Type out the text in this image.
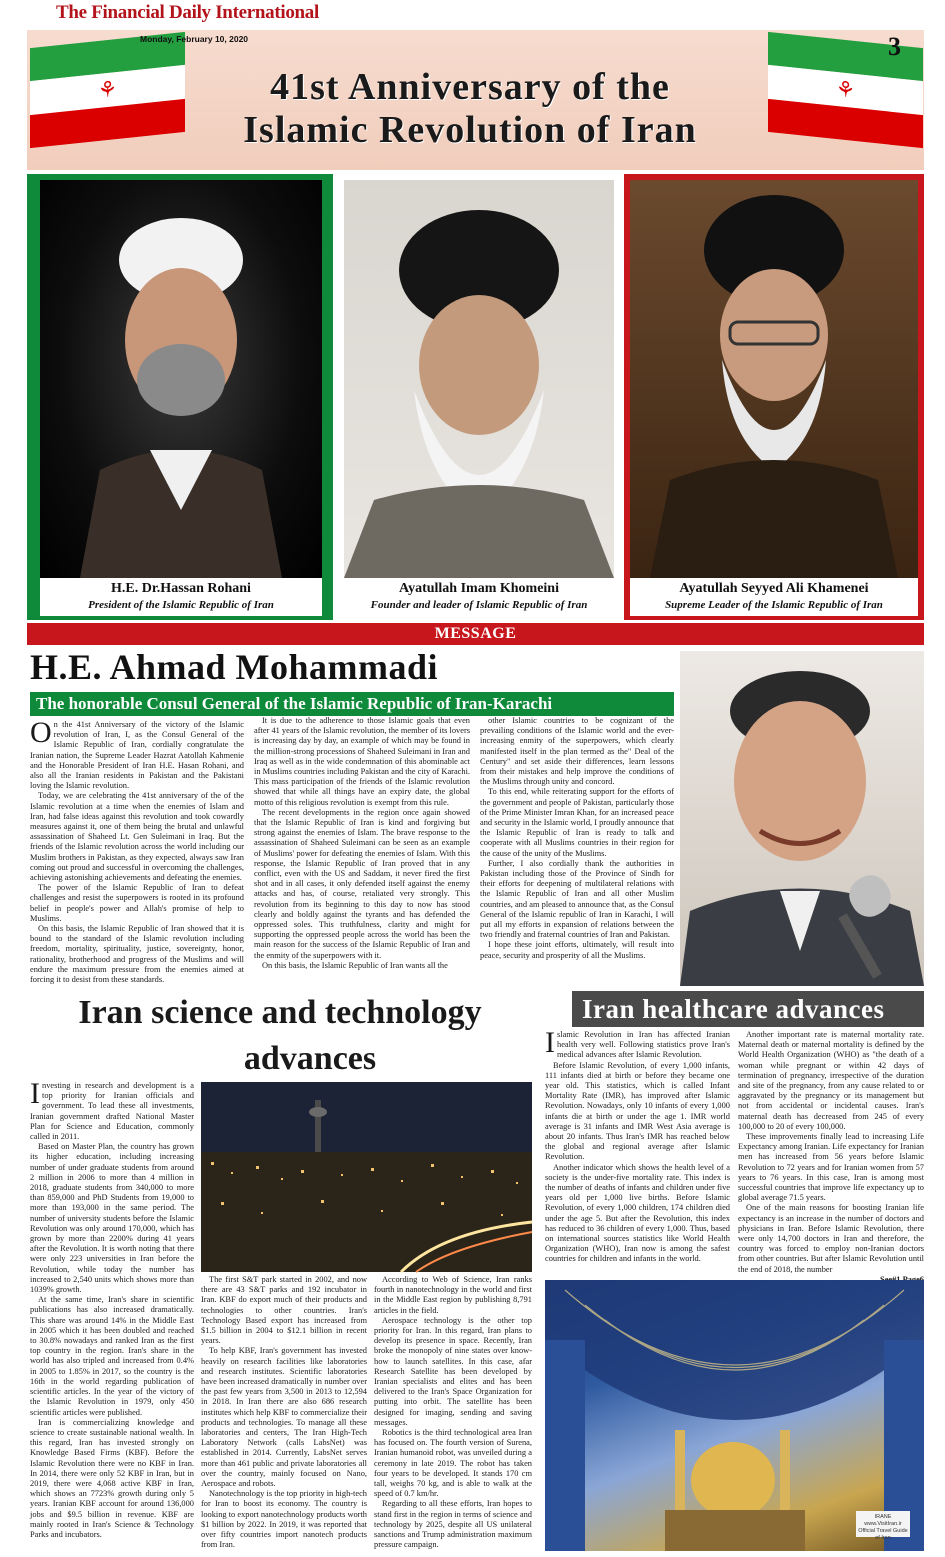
The Financial Daily International
⚘	⚘
Monday, February 10, 2020	3
41st Anniversary of the
Islamic Revolution of Iran
H.E. Dr.Hassan Rohani
President of the Islamic Republic of Iran
Ayatullah Imam Khomeini
Founder and leader of Islamic Republic of Iran
Ayatullah Seyyed Ali Khamenei
Supreme Leader of the Islamic Republic of Iran
MESSAGE
H.E. Ahmad Mohammadi
The honorable Consul General of the Islamic Republic of Iran-Karachi

On the 41st Anniversary of the victory of the Islamic revolution of Iran, I, as the Consul General of the Islamic Republic of Iran, cordially congratulate the Iranian nation, the Supreme Leader Hazrat Aatollah Kahmenie and the Honorable President of Iran H.E. Hasan Rohani, and also all the Iranian residents in Pakistan and the Pakistani loving the Islamic revolution.

Today, we are celebrating the 41st anniversary of the of the Islamic revolution at a time when the enemies of Islam and Iran, had false ideas against this revolution and took cowardly measures against it, one of them being the brutal and unlawful assassination of Shaheed Lt. Gen Suleimani in Iraq. But the friends of the Islamic revolution across the world including our Muslim brothers in Pakistan, as they expected, always saw Iran coming out proud and successful in overcoming the challenges, achieving astonishing achievements and defeating the enemies.

The power of the Islamic Republic of Iran to defeat challenges and resist the superpowers is rooted in its profound belief in people's power and Allah's promise of help to Muslims.

On this basis, the Islamic Republic of Iran showed that it is bound to the standard of the Islamic revolution including freedom, mortality, spirituality, justice, sovereignty, honor, rationality, brotherhood and progress of the Muslims and will endure the maximum pressure from the enemies aimed at forcing it to desist from these standards.

It is due to the adherence to those Islamic goals that even after 41 years of the Islamic revolution, the member of its lovers is increasing day by day, an example of which may be found in the million-strong processions of Shaheed Suleimani in Iran and Iraq as well as in the wide condemnation of this abominable act in Muslims countries including Pakistan and the city of Karachi. This mass participation of the friends of the Islamic revolution showed that while all things have an expiry date, the global motto of this religious revolution is exempt from this rule.

The recent developments in the region once again showed that the Islamic Republic of Iran is kind and forgiving but strong against the enemies of Islam. The brave response to the assassination of Shaheed Suleimani can be seen as an example of Muslims' power for defeating the enemies of Islam. With this response, the Islamic Republic of Iran proved that in any conflict, even with the US and Saddam, it never fired the first shot and in all cases, it only defended itself against the enemy attacks and has, of course, retaliated very strongly. This revolution from its beginning to this day to now has stood clearly and boldly against the tyrants and has defended the oppressed soles. This truthfulness, clarity and might for supporting the oppressed people across the world has been the main reason for the success of the Islamic Republic of Iran and the enmity of the superpowers with it.

On this basis, the Islamic Republic of Iran wants all the

other Islamic countries to be cognizant of the prevailing conditions of the Islamic world and the ever-increasing enmity of the superpowers, which clearly manifested itself in the plan termed as the" Deal of the Century" and set aside their differences, learn lessons from their mistakes and help improve the conditions of the Muslims through unity and concord.

To this end, while reiterating support for the efforts of the government and people of Pakistan, particularly those of the Prime Minister Imran Khan, for an increased peace and security in the Islamic world, I proudly announce that the Islamic Republic of Iran is ready to talk and cooperate with all Muslims countries in their region for the cause of the unity of the Muslims.

Further, I also cordially thank the authorities in Pakistan including those of the Province of Sindh for their efforts for deepening of multilateral relations with the Islamic Republic of Iran and all other Muslim countries, and am pleased to announce that, as the Consul General of the Islamic republic of Iran in Karachi, I will put all my efforts in expansion of relations between the two friendly and fraternal countries of Iran and Pakistan.

I hope these joint efforts, ultimately, will result into peace, security and prosperity of all the Muslims.

Iran science and technology
advances

Investing in research and development is a top priority for Iranian officials and government. To lead these all investments, Iranian government drafted National Master Plan for Science and Education, commonly called in 2011.

Based on Master Plan, the country has grown its higher education, including increasing number of under graduate students from around 2 million in 2006 to more than 4 million in 2018, graduate students from 340,000 to more than 859,000 and PhD Students from 19,000 to more than 193,000 in the same period. The number of university students before the Islamic Revolution was only around 170,000, which has grown by more than 2200% during 41 years after the Revolution. It is worth noting that there were only 223 universities in Iran before the Revolution, while today the number has increased to 2,540 units which shows more than 1039% growth.

At the same time, Iran's share in scientific publications has also increased dramatically. This share was around 14% in the Middle East in 2005 which it has been doubled and reached to 30.8% nowadays and ranked Iran as the first top country in the region. Iran's share in the world has also tripled and increased from 0.4% in 2005 to 1.85% in 2017, so the country is the 16th in the world regarding publication of scientific articles. In the year of the victory of the Islamic Revolution in 1979, only 450 scientific articles were published.

Iran is commercializing knowledge and science to create sustainable national wealth. In this regard, Iran has invested strongly on Knowledge Based Firms (KBF). Before the Islamic Revolution there were no KBF in Iran. In 2014, there were only 52 KBF in Iran, but in 2019, there were 4,068 active KBF in Iran, which shows an 7723% growth during only 5 years. Iranian KBF account for around 136,000 jobs and $9.5 billion in revenue. KBF are mainly rooted in Iran's Science & Technology Parks and incubators.

The first S&T park started in 2002, and now there are 43 S&T parks and 192 incubator in Iran. KBF do export much of their products and technologies to other countries. Iran's Technology Based export has increased from $1.5 billion in 2004 to $12.1 billion in recent years.

To help KBF, Iran's government has invested heavily on research facilities like laboratories and research institutes. Scientific laboratories have been increased dramatically in number over the past few years from 3,500 in 2013 to 12,594 in 2018. In Iran there are also 686 research institutes which help KBF to commercialize their products and technologies. To manage all these laboratories and centers, The Iran High-Tech Laboratory Network (calls LabsNet) was established in 2014. Currently, LabsNet serves more than 461 public and private laboratories all over the country, mainly focused on Nano, Aerospace and robots.

Nanotechnology is the top priority in high-tech for Iran to boost its economy. The country is looking to export nanotechnology products worth $1 billion by 2022. In 2019, it was reported that over fifty countries import nanotech products from Iran.

According to Web of Science, Iran ranks fourth in nanotechnology in the world and first in the Middle East region by publishing 8,791 articles in the field.

Aerospace technology is the other top priority for Iran. In this regard, Iran plans to develop its presence in space. Recently, Iran broke the monopoly of nine states over know-how to launch satellites. In this case, afar Research Satellite has been developed by Iranian specialists and elites and has been delivered to the Iran's Space Organization for putting into orbit. The satellite has been designed for imaging, sending and saving messages.

Robotics is the third technological area Iran has focused on. The fourth version of Surena, Iranian humanoid robot, was unveiled during a ceremony in late 2019. The robot has taken four years to be developed. It stands 170 cm tall, weighs 70 kg, and is able to walk at the speed of 0.7 km/hr.

Regarding to all these efforts, Iran hopes to stand first in the region in terms of science and technology by 2025, despite all US unilateral sanctions and Trump administration maximum pressure campaign.

Iran healthcare advances

Islamic Revolution in Iran has affected Iranian health very well. Following statistics prove Iran's medical advances after Islamic Revolution.

Before Islamic Revolution, of every 1,000 infants, 111 infants died at birth or before they became one year old. This statistics, which is called Infant Mortality Rate (IMR), has improved after Islamic Revolution. Nowadays, only 10 infants of every 1,000 infants die at birth or under the age 1. IMR world average is 31 infants and IMR West Asia average is about 20 infants. Thus Iran's IMR has reached below the global and regional average after Islamic Revolution.

Another indicator which shows the health level of a society is the under-five mortality rate. This index is the number of deaths of infants and children under five years old per 1,000 live births. Before Islamic Revolution, of every 1,000 children, 174 children died under the age 5. But after the Revolution, this index has reduced to 36 children of every 1,000. Thus, based on international sources statistics like World Health Organization (WHO), Iran now is among the safest countries for children and infants in the world.

Another important rate is maternal mortality rate. Maternal death or maternal mortality is defined by the World Health Organization (WHO) as "the death of a woman while pregnant or within 42 days of termination of pregnancy, irrespective of the duration and site of the pregnancy, from any cause related to or aggravated by the pregnancy or its management but not from accidental or incidental causes. Iran's maternal death has decreased from 245 of every 100,000 to 20 of every 100,000.

These improvements finally lead to increasing Life Expectancy among Iranian. Life expectancy for Iranian men has increased from 56 years before Islamic Revolution to 72 years and for Iranian women from 57 years to 76 years. In this case, Iran is among most successful countries that improve life expectancy up to global average 71.5 years.

One of the main reasons for boosting Iranian life expectancy is an increase in the number of doctors and physicians in Iran. Before Islamic Revolution, there were only 14,700 doctors in Iran and therefore, the country was forced to employ non-Iranian doctors from other countries. But after Islamic Revolution until the end of 2018, the number

IRANE
www.VisitIran.ir
Official Travel Guide of Iran
